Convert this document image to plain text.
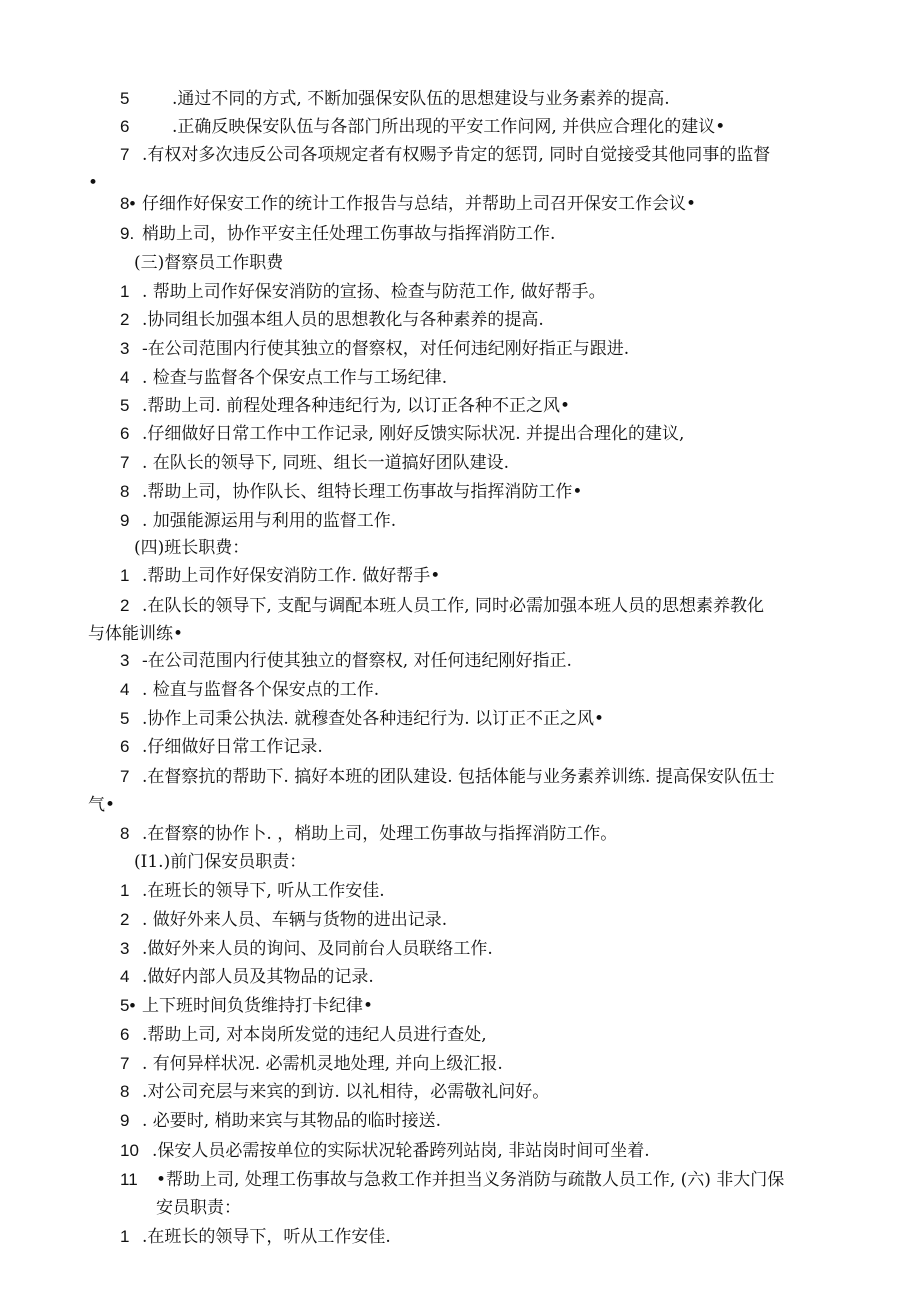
5	.通过不同的方式, 不断加强保安队伍的思想建设与业务素养的提高.
6	.正确反映保安队伍与各部门所出现的平安工作问网, 并供应合理化的建议•
7 .有权对多次违反公司各项规定者有权赐予肯定的惩罚, 同时自觉接受其他同事的监督
•
8• 仔细作好保安工作的统计工作报告与总结，并帮助上司召开保安工作会议•
9. 梢助上司，协作平安主任处理工伤事故与指挥消防工作.
(三)督察员工作职费
1 . 帮助上司作好保安消防的宣扬、检查与防范工作, 做好帮手。
2 .协同组长加强本组人员的思想教化与各种素养的提高.
3 -在公司范围内行使其独立的督察权，对任何违纪刚好指正与跟进.
4 . 检查与监督各个保安点工作与工场纪律.
5 .帮助上司. 前程处理各种违纪行为, 以订正各种不正之风•
6 .仔细做好日常工作中工作记录, 刚好反馈实际状况. 并提出合理化的建议,
7 . 在队长的领导下, 同班、组长一道搞好团队建设.
8 .帮助上司，协作队长、组特长理工伤事故与指挥消防工作•
9 . 加强能源运用与利用的监督工作.
(四)班长职费：
1 .帮助上司作好保安消防工作. 做好帮手•
2 .在队长的领导下, 支配与调配本班人员工作, 同时必需加强本班人员的思想素养教化
与体能训练•
3 -在公司范围内行使其独立的督察权, 对任何违纪刚好指正.
4 . 检直与监督各个保安点的工作.
5 .协作上司秉公执法. 就穆查处各种违纪行为. 以订正不正之风•
6 .仔细做好日常工作记录.
7 .在督察抗的帮助下. 搞好本班的团队建设. 包括体能与业务素养训练. 提高保安队伍士
气•
8 .在督察的协作卜. ，梢助上司，处理工伤事故与指挥消防工作。
(I1.)前门保安员职责：
1 .在班长的领导下, 听从工作安佳.
2 . 做好外来人员、车辆与货物的进出记录.
3 .做好外来人员的询问、及同前台人员联络工作.
4 .做好内部人员及其物品的记录.
5• 上下班时间负货维持打卡纪律•
6 .帮助上司, 对本岗所发觉的违纪人员进行查处,
7 . 有何异样状况. 必需机灵地处理, 并向上级汇报.
8 .对公司充层与来宾的到访. 以礼相待，必需敬礼问好。
9 . 必要时, 梢助来宾与其物品的临时接送.
10 .保安人员必需按单位的实际状况轮番跨列站岗, 非站岗时间可坐着.
11 •帮助上司, 处理工伤事故与急救工作并担当义务消防与疏散人员工作, (六) 非大门保
安员职责：
1 .在班长的领导下，听从工作安佳.
